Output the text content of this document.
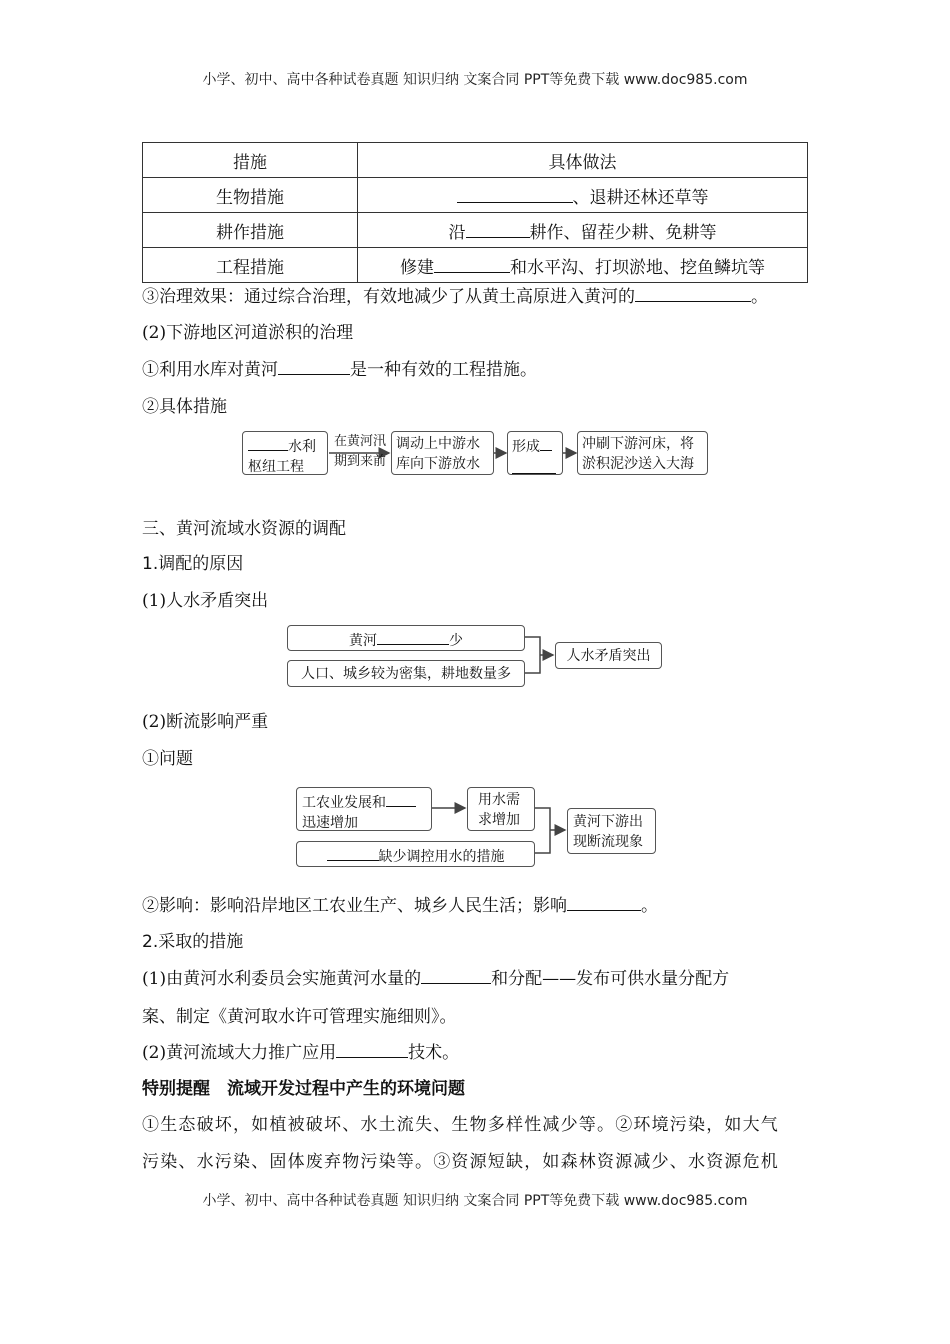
小学、初中、高中各种试卷真题 知识归纳 文案合同 PPT等免费下载 www.doc985.com
措施	具体做法
生物措施	、退耕还林还草等
耕作措施	沿 耕作、留茬少耕、免耕等
工程措施	修建 和水平沟、打坝淤地、挖鱼鳞坑等
③治理效果：通过综合治理，有效地减少了从黄土高原进入黄河的	。
(2)下游地区河道淤积的治理
①利用水库对黄河	是一种有效的工程措施。
②具体措施
水利
枢纽工程
在黄河汛
期到来前
调动上中游水
库向下游放水
形成	冲刷下游河床，将
淤积泥沙送入大海
三、黄河流域水资源的调配
1.调配的原因
(1)人水矛盾突出
黄河	少
人口、城乡较为密集，耕地数量多
人水矛盾突出
(2)断流影响严重
①问题
工农业发展和
迅速增加
用水需
求增加
缺少调控用水的措施
黄河下游出
现断流现象
②影响：影响沿岸地区工农业生产、城乡人民生活；影响	。
2.采取的措施
(1)由黄河水利委员会实施黄河水量的	和分配——发布可供水量分配方
案、制定《黄河取水许可管理实施细则》。
(2)黄河流域大力推广应用	技术。
特别提醒　流域开发过程中产生的环境问题
①生态破坏，如植被破坏、水土流失、生物多样性减少等。②环境污染，如大气
污染、水污染、固体废弃物污染等。③资源短缺，如森林资源减少、水资源危机
小学、初中、高中各种试卷真题 知识归纳 文案合同 PPT等免费下载 www.doc985.com
